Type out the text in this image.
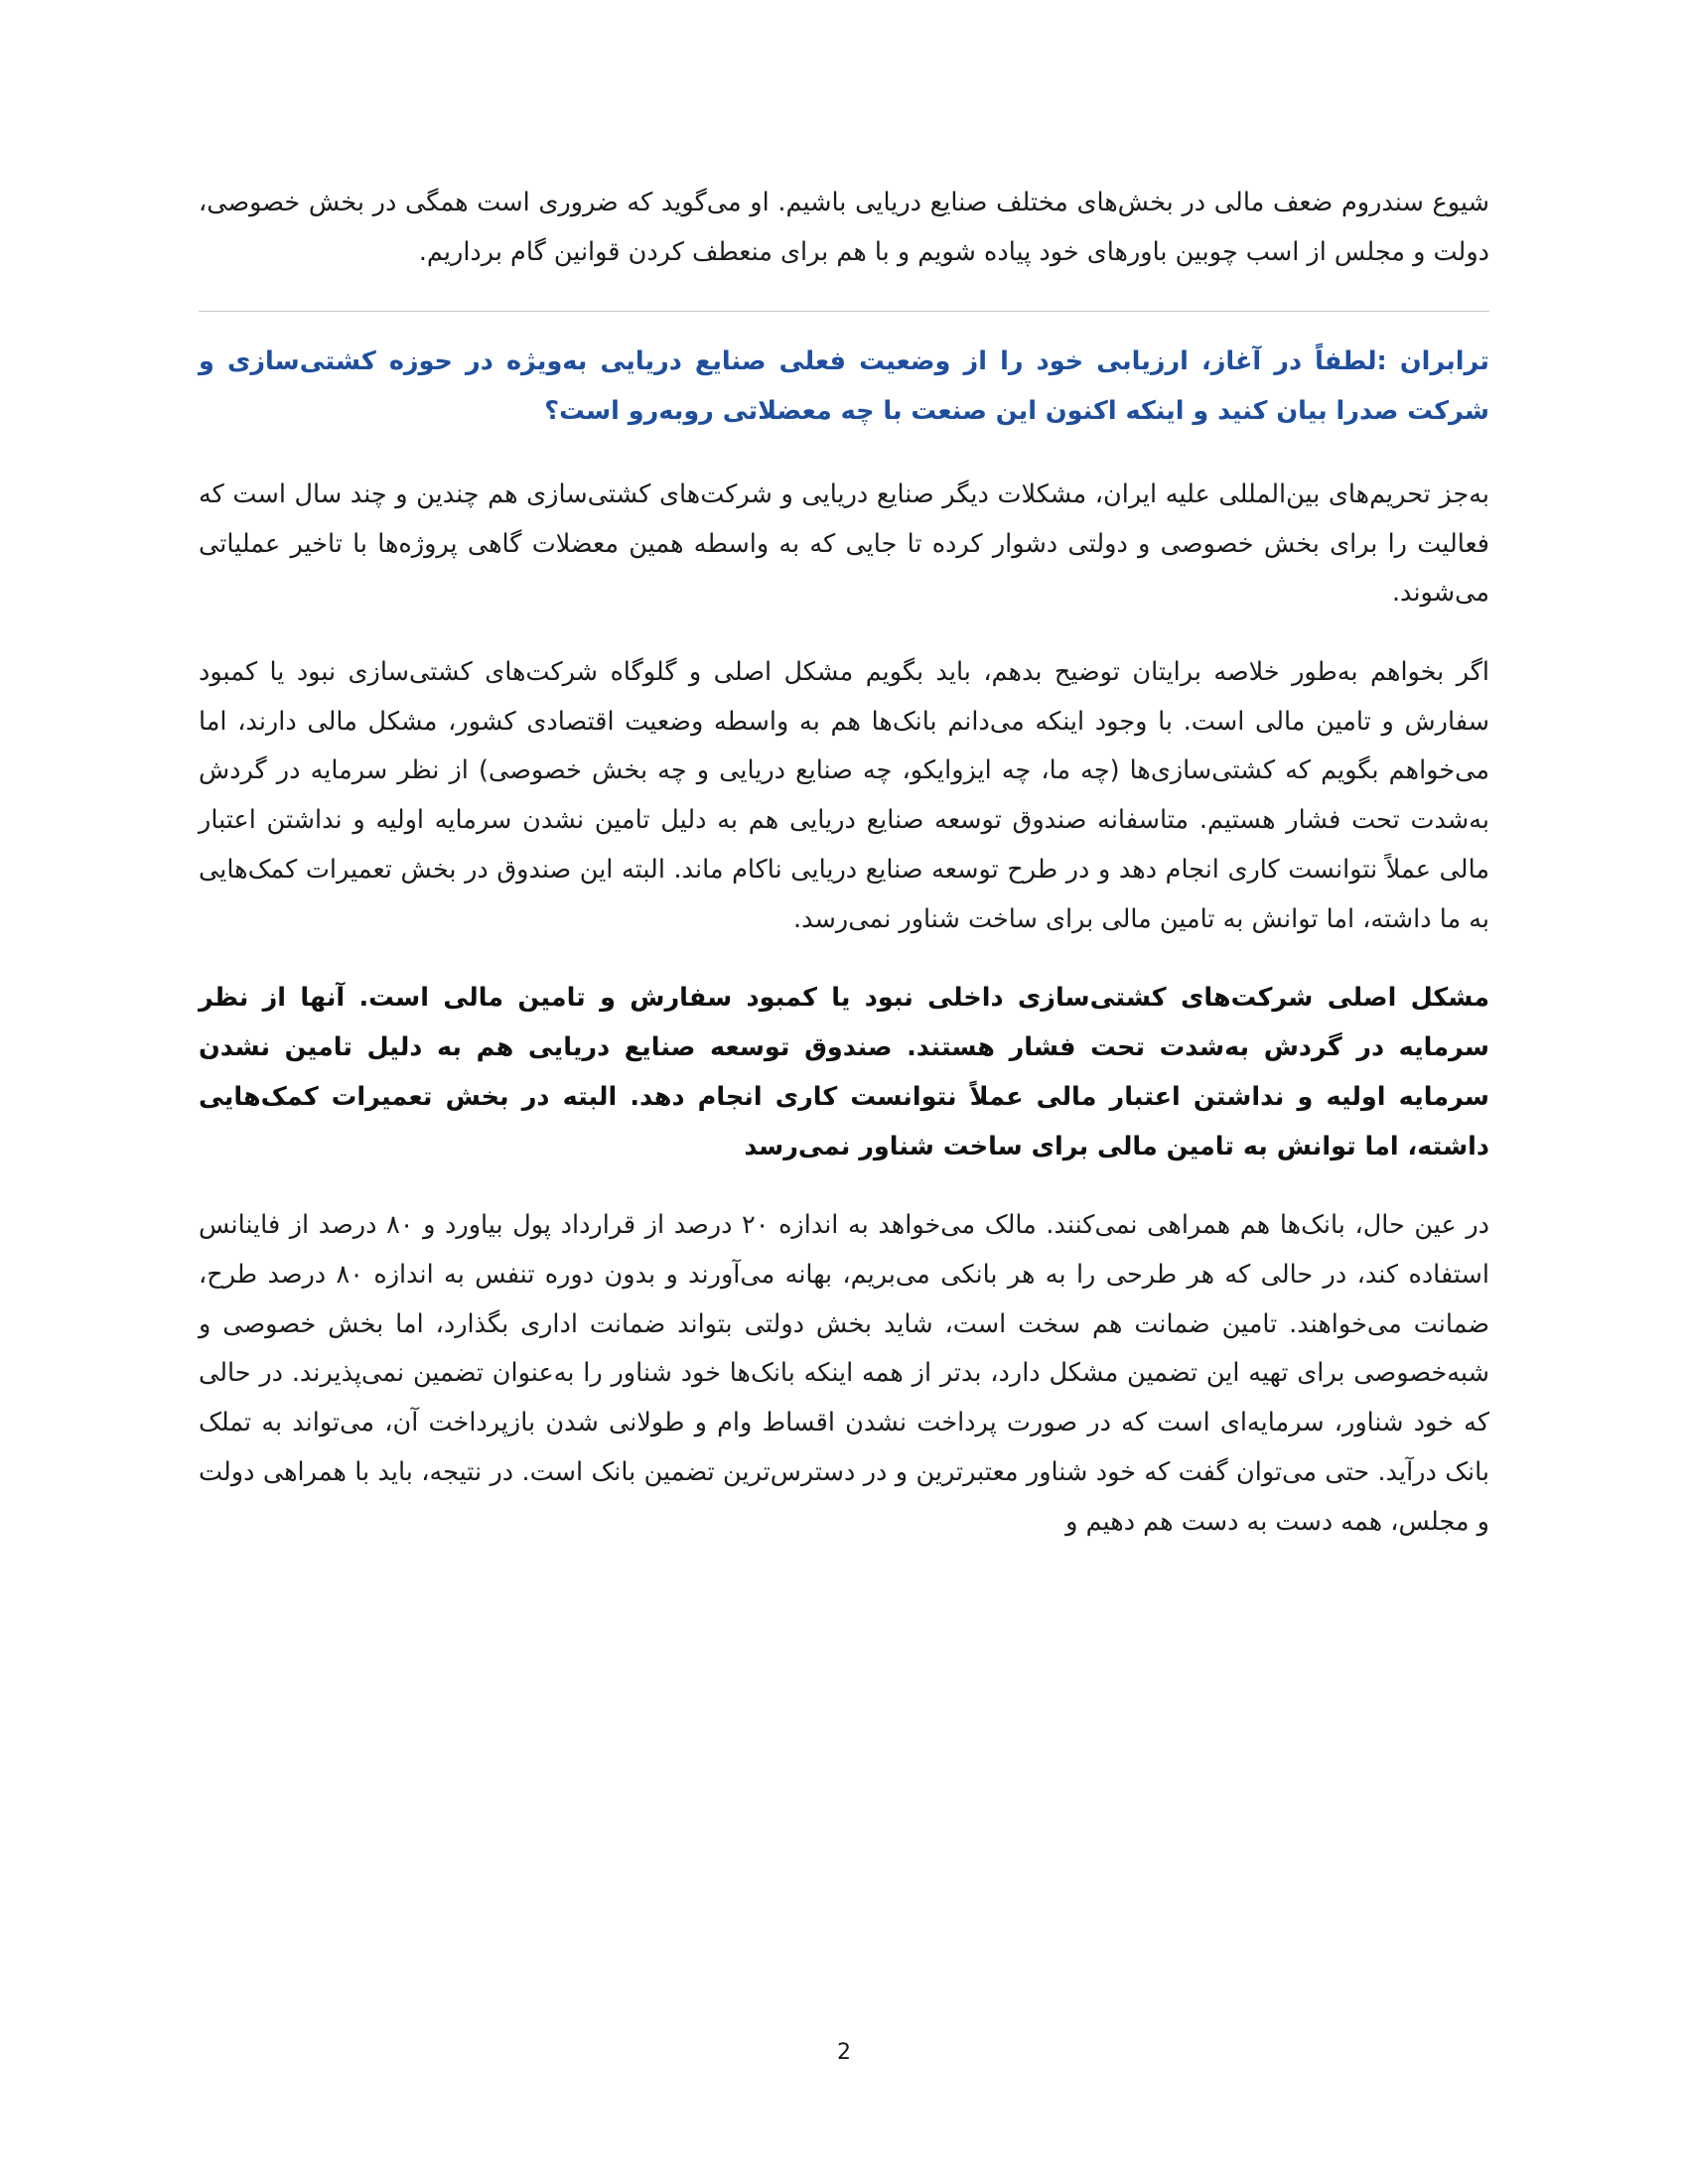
شیوع سندروم ضعف مالی در بخش‌های مختلف صنایع دریایی باشیم. او می‌گوید که ضروری است همگی در بخش خصوصی، دولت و مجلس از اسب چوبین باورهای خود پیاده شویم و با هم برای منعطف کردن قوانین گام برداریم.

ترابران :لطفاً در آغاز، ارزیابی خود را از وضعیت فعلی صنایع دریایی به‌ویژه در حوزه کشتی‌سازی و شرکت صدرا بیان کنید و اینکه اکنون این صنعت با چه معضلاتی روبه‌رو است؟

به‌جز تحریم‌های بین‌المللی علیه ایران، مشکلات دیگر صنایع دریایی و شرکت‌های کشتی‌سازی هم چندین و چند سال است که فعالیت را برای بخش خصوصی و دولتی دشوار کرده تا جایی که به واسطه همین معضلات گاهی پروژه‌ها با تاخیر عملیاتی می‌شوند.

اگر بخواهم به‌طور خلاصه برایتان توضیح بدهم، باید بگویم مشکل اصلی و گلوگاه شرکت‌های کشتی‌سازی نبود یا کمبود سفارش و تامین مالی است. با وجود اینکه می‌دانم بانک‌ها هم به واسطه وضعیت اقتصادی کشور، مشکل مالی دارند، اما می‌خواهم بگویم که کشتی‌سازی‌ها (چه ما، چه ایزوایکو، چه صنایع دریایی و چه بخش خصوصی) از نظر سرمایه در گردش به‌شدت تحت فشار هستیم. متاسفانه صندوق توسعه صنایع دریایی هم به دلیل تامین نشدن سرمایه اولیه و نداشتن اعتبار مالی عملاً نتوانست کاری انجام دهد و در طرح توسعه صنایع دریایی ناکام ماند. البته این صندوق در بخش تعمیرات کمک‌هایی به ما داشته، اما توانش به تامین مالی برای ساخت شناور نمی‌رسد.

مشکل اصلی شرکت‌های کشتی‌سازی داخلی نبود یا کمبود سفارش و تامین مالی است. آنها از نظر سرمایه در گردش به‌شدت تحت فشار هستند. صندوق توسعه صنایع دریایی هم به دلیل تامین نشدن سرمایه اولیه و نداشتن اعتبار مالی عملاً نتوانست کاری انجام دهد. البته در بخش تعمیرات کمک‌هایی داشته، اما توانش به تامین مالی برای ساخت شناور نمی‌رسد

در عین حال، بانک‌ها هم همراهی نمی‌کنند. مالک می‌خواهد به اندازه ۲۰ درصد از قرارداد پول بیاورد و ۸۰ درصد از فاینانس استفاده کند، در حالی که هر طرحی را به هر بانکی می‌بریم، بهانه می‌آورند و بدون دوره تنفس به اندازه ۸۰ درصد طرح، ضمانت می‌خواهند. تامین ضمانت هم سخت است، شاید بخش دولتی بتواند ضمانت اداری بگذارد، اما بخش خصوصی و شبه‌خصوصی برای تهیه این تضمین مشکل دارد، بدتر از همه اینکه بانک‌ها خود شناور را به‌عنوان تضمین نمی‌پذیرند. در حالی که خود شناور، سرمایه‌ای است که در صورت پرداخت نشدن اقساط وام و طولانی شدن بازپرداخت آن، می‌تواند به تملک بانک درآید. حتی می‌توان گفت که خود شناور معتبرترین و در دسترس‌ترین تضمین بانک است. در نتیجه، باید با همراهی دولت و مجلس، همه دست به دست هم دهیم و

2
